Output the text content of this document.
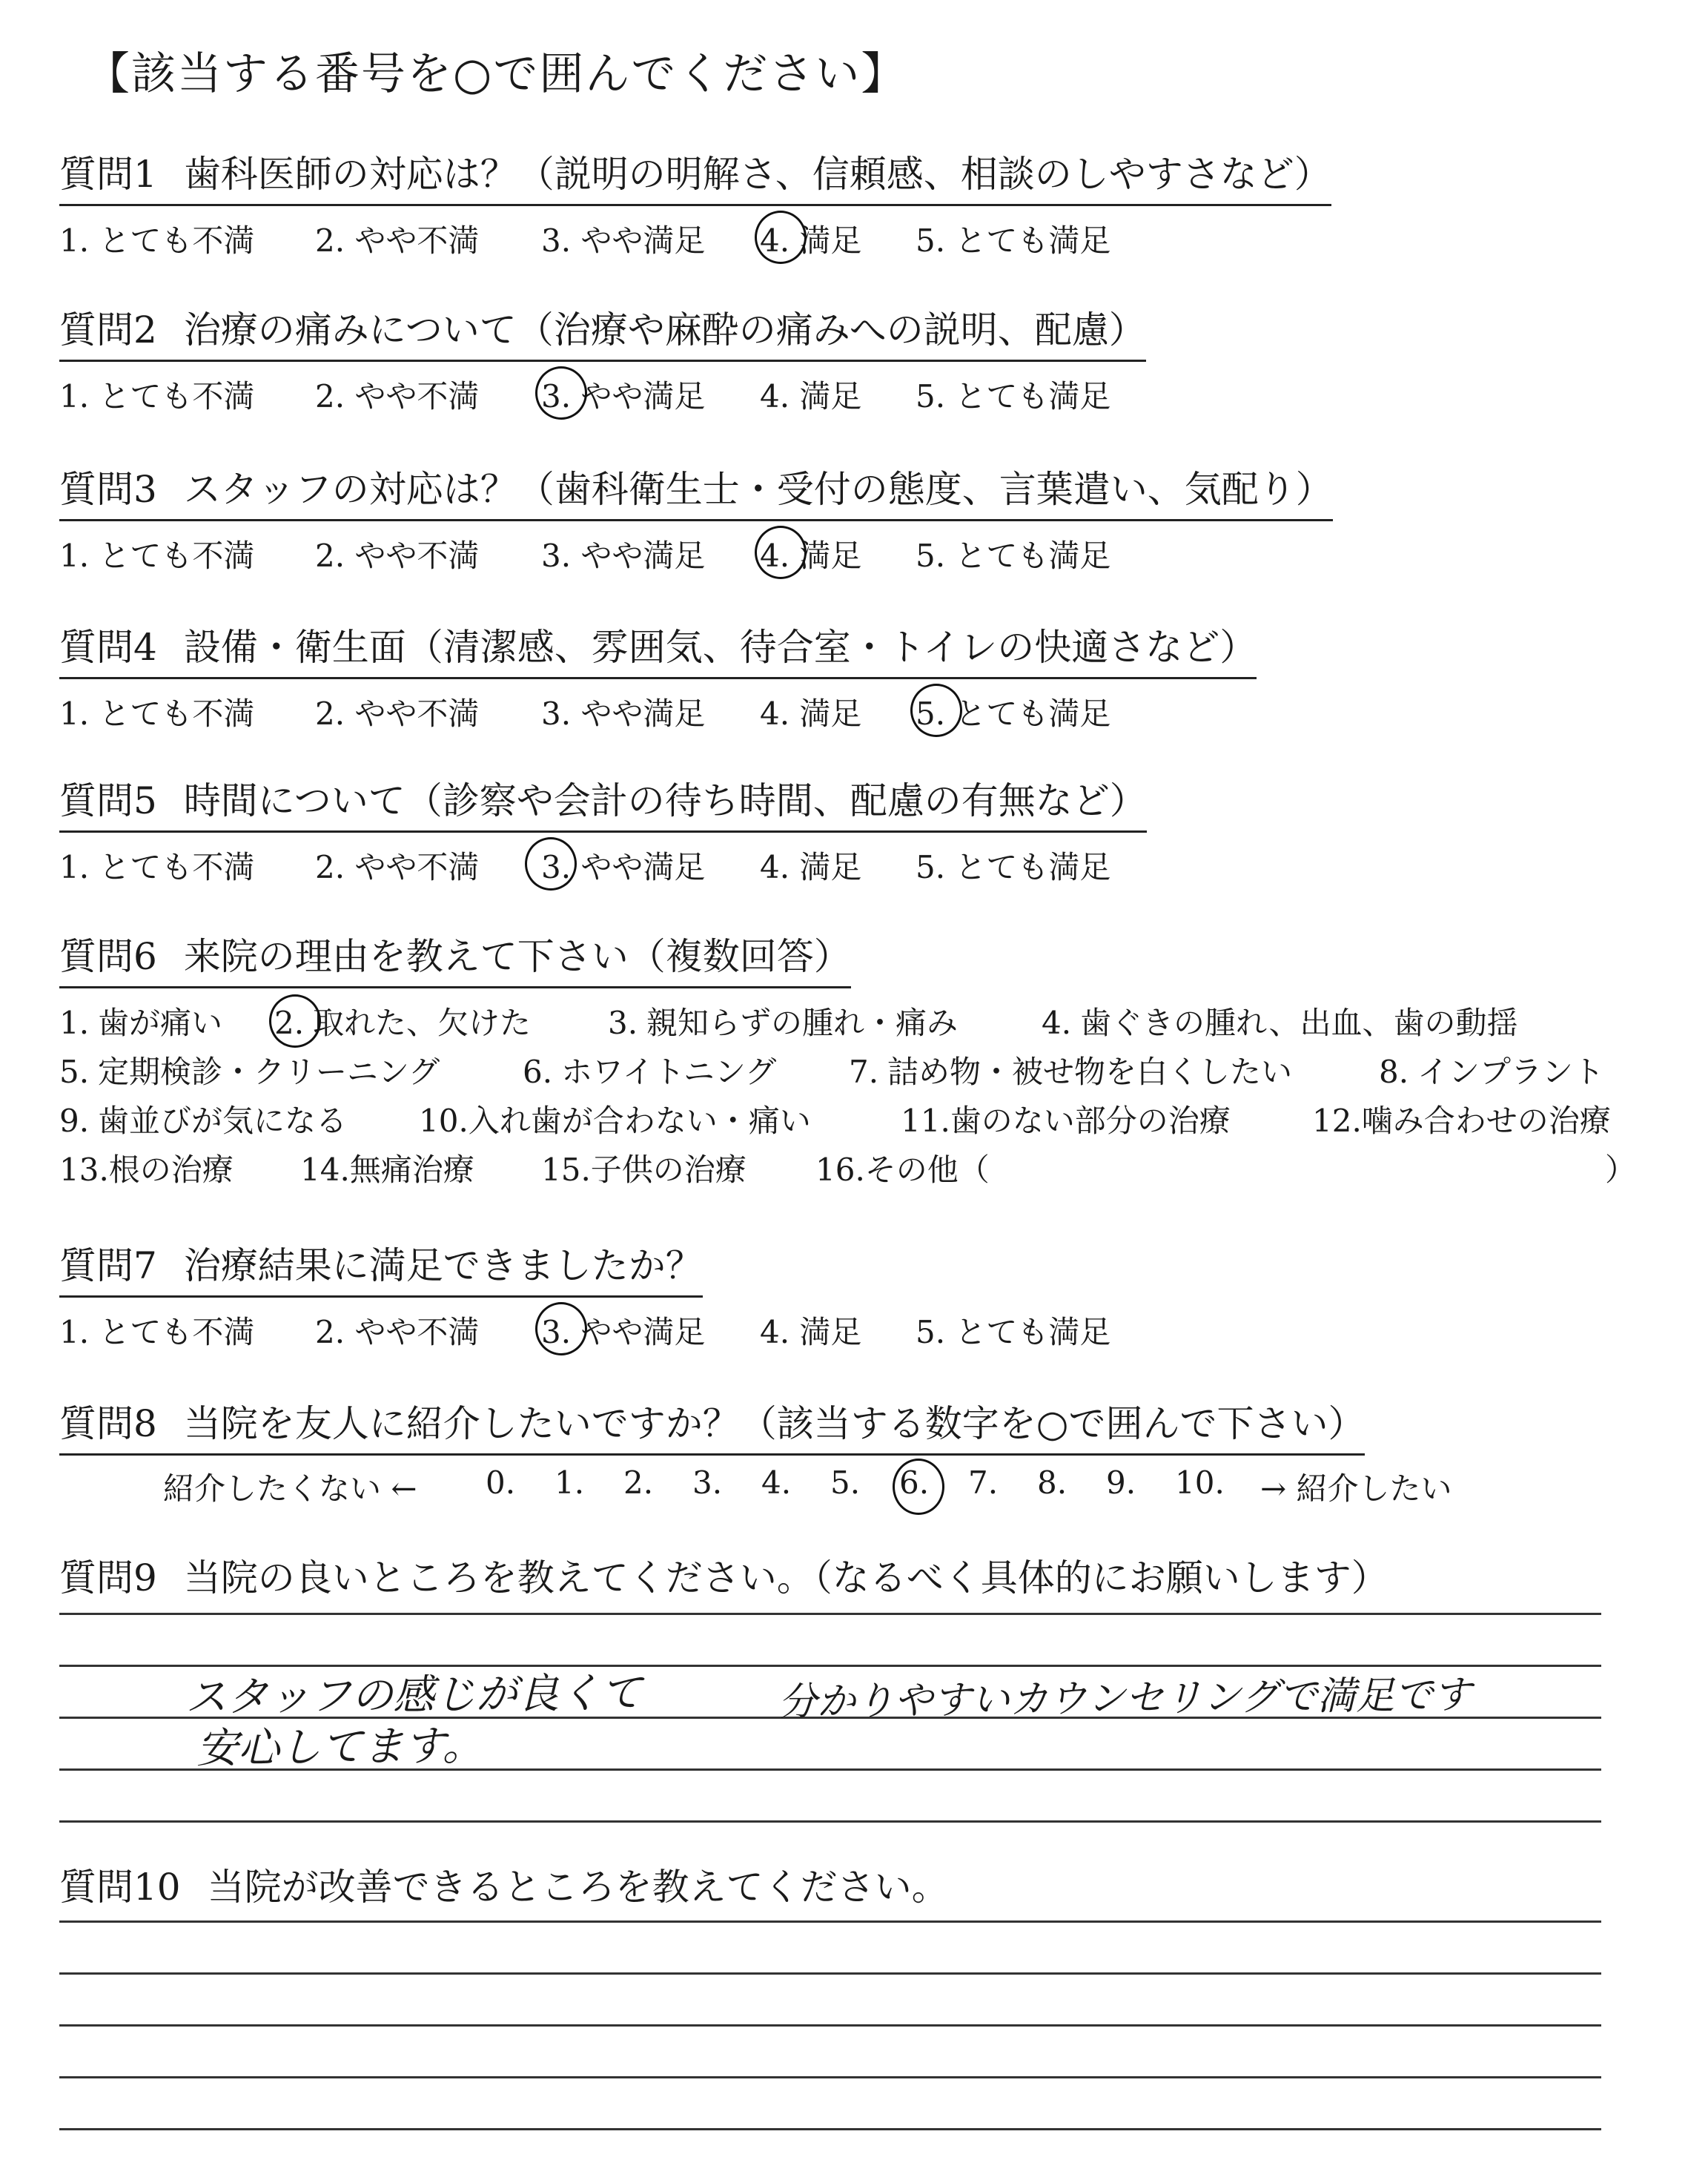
【該当する番号を○で囲んでください】
質問1 歯科医師の対応は？（説明の明解さ、信頼感、相談のしやすさなど）
1. とても不満 2. やや不満 3. やや満足 4. 満足 5. とても満足
質問2 治療の痛みについて（治療や麻酔の痛みへの説明、配慮）
1. とても不満 2. やや不満 3. やや満足 4. 満足 5. とても満足
質問3 スタッフの対応は？（歯科衛生士・受付の態度、言葉遣い、気配り）
1. とても不満 2. やや不満 3. やや満足 4. 満足 5. とても満足
質問4 設備・衛生面（清潔感、雰囲気、待合室・トイレの快適さなど）
1. とても不満 2. やや不満 3. やや満足 4. 満足 5. とても満足
質問5 時間について（診察や会計の待ち時間、配慮の有無など）
1. とても不満 2. やや不満 3. やや満足 4. 満足 5. とても満足
質問6 来院の理由を教えて下さい（複数回答）
1. 歯が痛い 2. 取れた、欠けた 3. 親知らずの腫れ・痛み	4. 歯ぐきの腫れ、出血、歯の動揺
5. 定期検診・クリーニング	6. ホワイトニング 7. 詰め物・被せ物を白くしたい	8. インプラント
9. 歯並びが気になる 10.入れ歯が合わない・痛い	11.歯のない部分の治療	12.噛み合わせの治療
13.根の治療 14.無痛治療 15.子供の治療 16.その他（	）
質問7 治療結果に満足できましたか？
1. とても不満 2. やや不満 3. やや満足 4. 満足 5. とても満足
質問8 当院を友人に紹介したいですか？（該当する数字を○で囲んで下さい）
紹介したくない ← 0. 1. 2. 3. 4. 5. 6. 7. 8. 9. 10. → 紹介したい
質問9 当院の良いところを教えてください。（なるべく具体的にお願いします）
スタッフの感じが良くて	分かりやすいカウンセリングで満足です
安心してます。
質問10 当院が改善できるところを教えてください。
